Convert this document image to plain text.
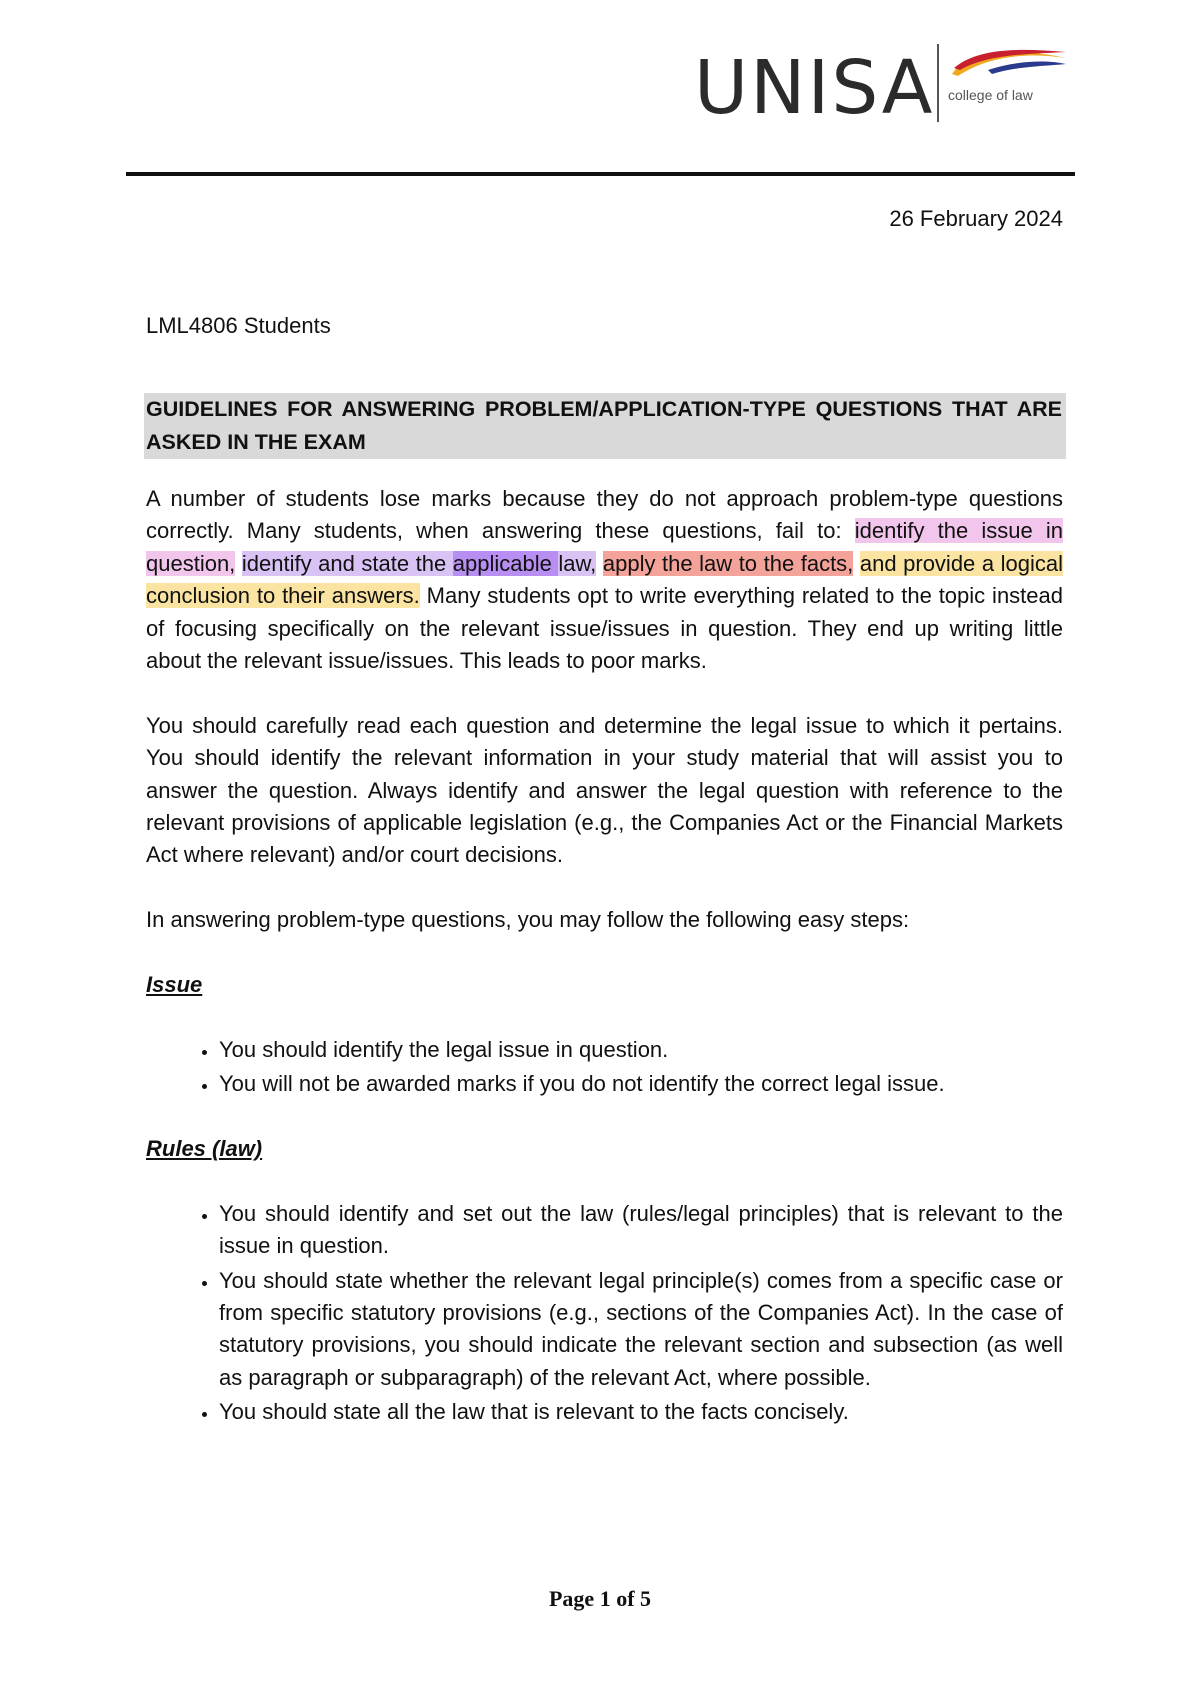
UNISA college of law
26 February 2024
LML4806 Students
GUIDELINES FOR ANSWERING PROBLEM/APPLICATION-TYPE QUESTIONS THAT ARE ASKED IN THE EXAM

A number of students lose marks because they do not approach problem-type questions correctly. Many students, when answering these questions, fail to: identify the issue in question, identify and state the applicable law, apply the law to the facts, and provide a logical conclusion to their answers. Many students opt to write everything related to the topic instead of focusing specifically on the relevant issue/issues in question. They end up writing little about the relevant issue/issues. This leads to poor marks.

You should carefully read each question and determine the legal issue to which it pertains. You should identify the relevant information in your study material that will assist you to answer the question. Always identify and answer the legal question with reference to the relevant provisions of applicable legislation (e.g., the Companies Act or the Financial Markets Act where relevant) and/or court decisions.

In answering problem-type questions, you may follow the following easy steps:

Issue
• You should identify the legal issue in question.
• You will not be awarded marks if you do not identify the correct legal issue.
Rules (law)
• You should identify and set out the law (rules/legal principles) that is relevant to the issue in question.
• You should state whether the relevant legal principle(s) comes from a specific case or from specific statutory provisions (e.g., sections of the Companies Act). In the case of statutory provisions, you should indicate the relevant section and subsection (as well as paragraph or subparagraph) of the relevant Act, where possible.
• You should state all the law that is relevant to the facts concisely.
Page 1 of 5
